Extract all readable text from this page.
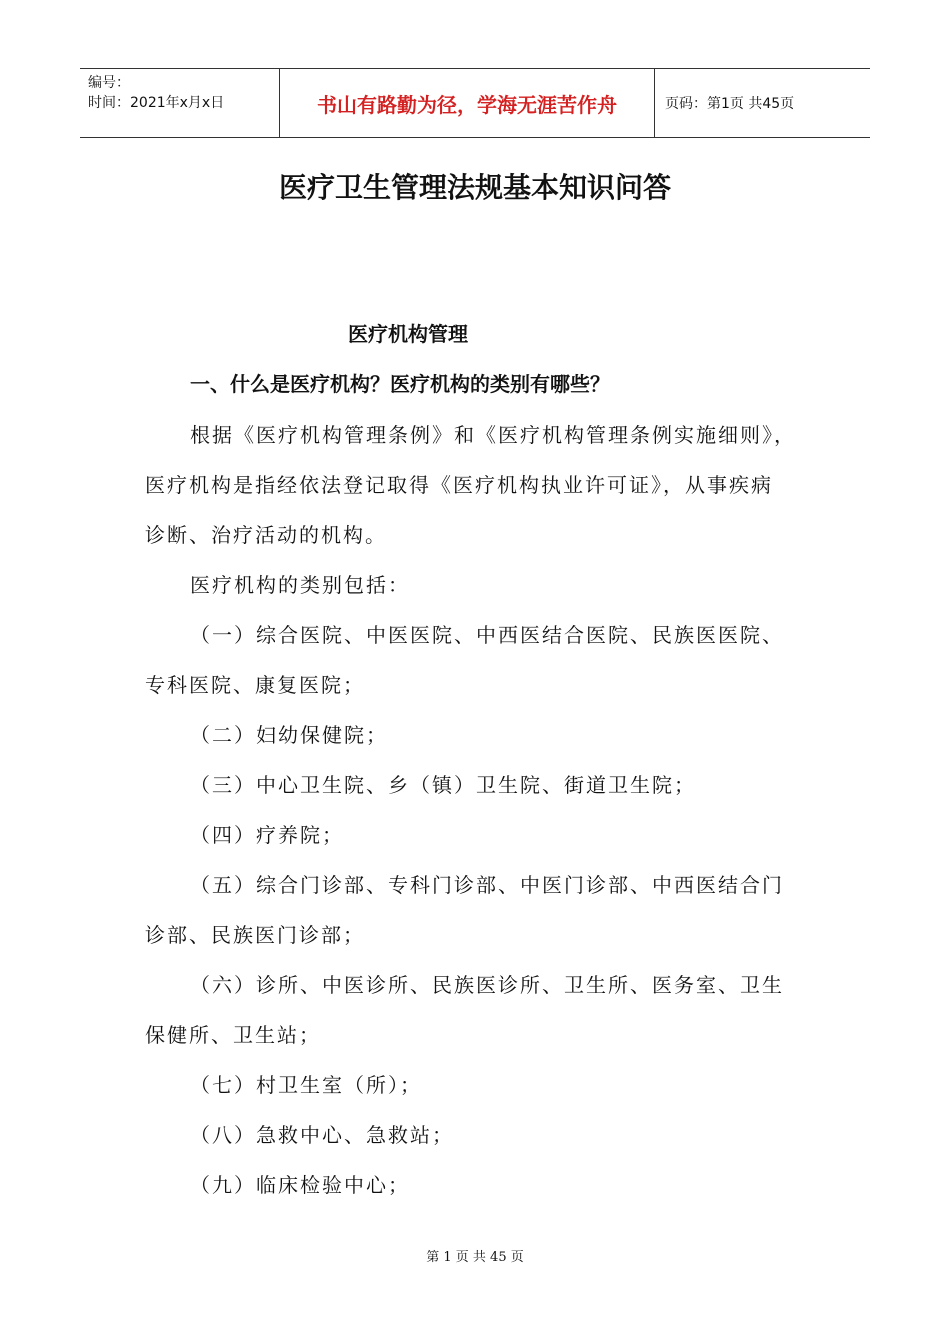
编号：
时间：2021年x月x日	书山有路勤为径，学海无涯苦作舟	页码：第1页 共45页
医疗卫生管理法规基本知识问答
医疗机构管理
一、什么是医疗机构？医疗机构的类别有哪些？
根据《医疗机构管理条例》和《医疗机构管理条例实施细则》，
医疗机构是指经依法登记取得《医疗机构执业许可证》，从事疾病
诊断、治疗活动的机构。
医疗机构的类别包括：
（一）综合医院、中医医院、中西医结合医院、民族医医院、
专科医院、康复医院；
（二）妇幼保健院；
（三）中心卫生院、乡（镇）卫生院、街道卫生院；
（四）疗养院；
（五）综合门诊部、专科门诊部、中医门诊部、中西医结合门
诊部、民族医门诊部；
（六）诊所、中医诊所、民族医诊所、卫生所、医务室、卫生
保健所、卫生站；
（七）村卫生室（所）；
（八）急救中心、急救站；
（九）临床检验中心；
第 1 页 共 45 页
